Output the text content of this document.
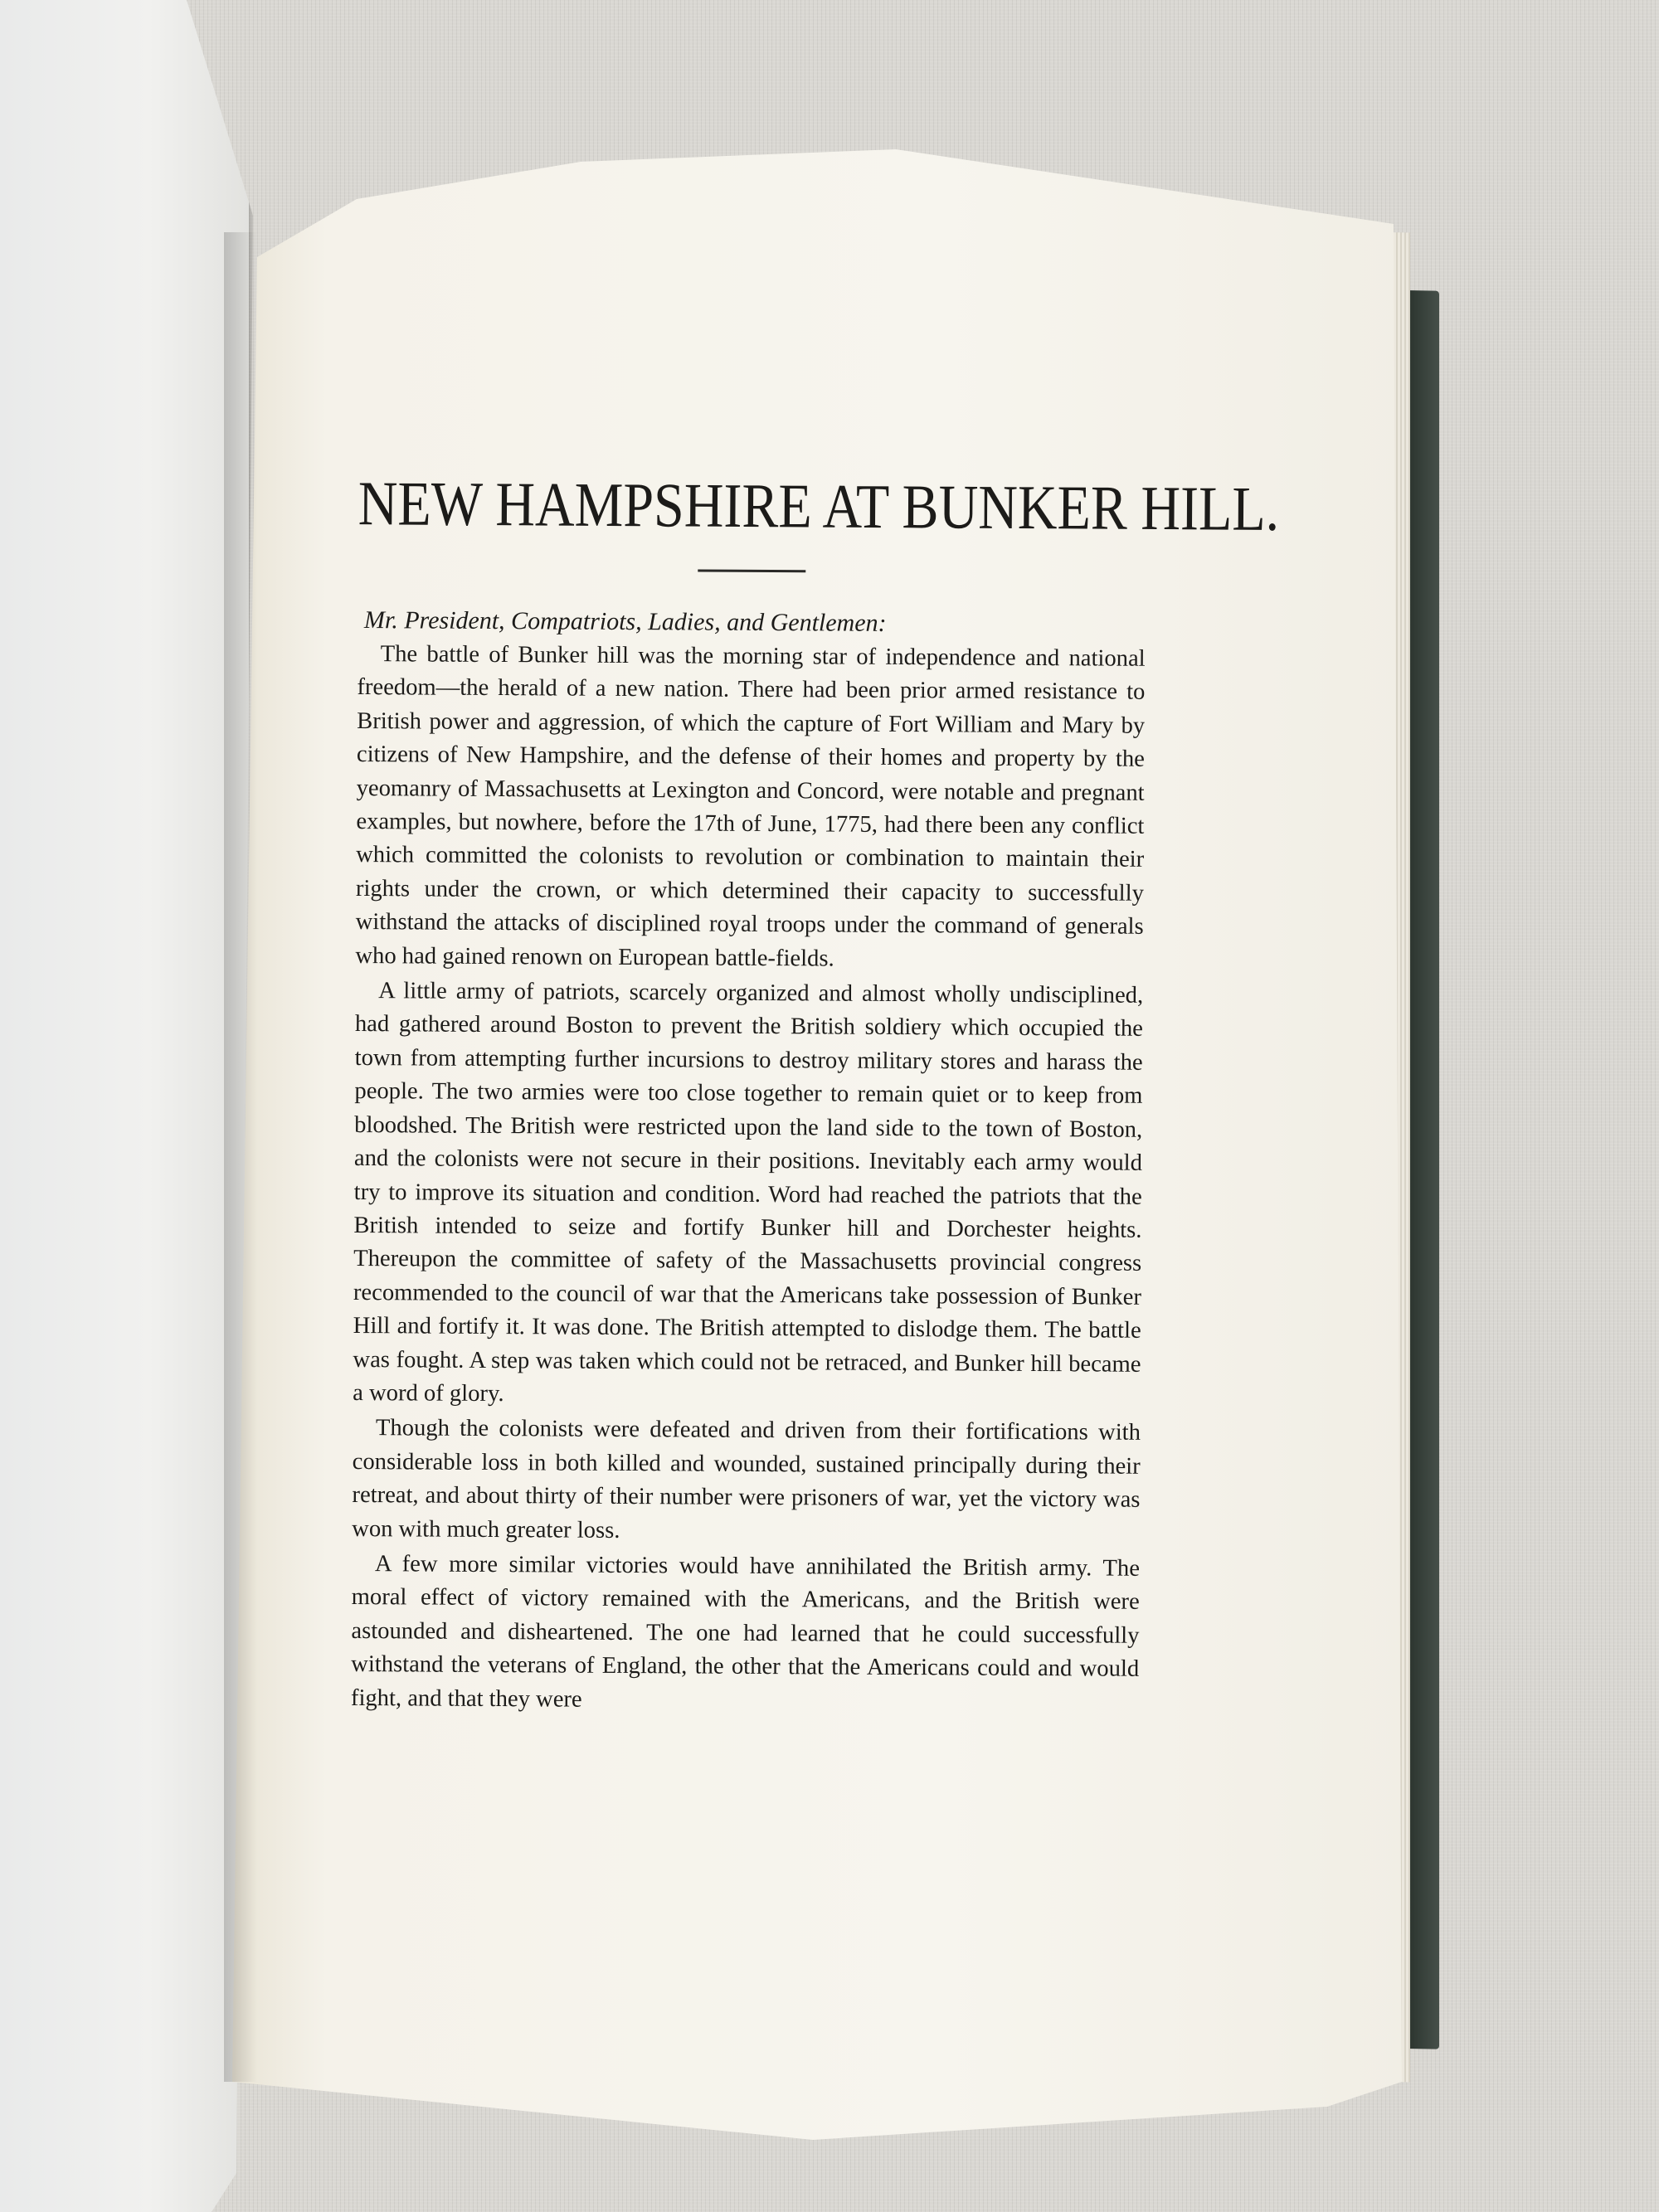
NEW HAMPSHIRE AT BUNKER HILL.

Mr. President, Compatriots, Ladies, and Gentlemen:

The battle of Bunker hill was the morning star of independence and national freedom—the herald of a new nation. There had been prior armed resistance to British power and aggression, of which the capture of Fort William and Mary by citizens of New Hampshire, and the defense of their homes and property by the yeomanry of Massachusetts at Lexington and Concord, were notable and pregnant examples, but nowhere, before the 17th of June, 1775, had there been any conflict which committed the colonists to revolution or combination to maintain their rights under the crown, or which determined their capacity to successfully withstand the attacks of disciplined royal troops under the command of generals who had gained renown on European battle-fields.

A little army of patriots, scarcely organized and almost wholly undisciplined, had gathered around Boston to prevent the British soldiery which occupied the town from attempting further incursions to destroy military stores and harass the people. The two armies were too close together to remain quiet or to keep from bloodshed. The British were restricted upon the land side to the town of Boston, and the colonists were not secure in their positions. Inevitably each army would try to improve its situation and condition. Word had reached the patriots that the British intended to seize and fortify Bunker hill and Dorchester heights. Thereupon the committee of safety of the Massachusetts provincial congress recommended to the council of war that the Americans take possession of Bunker Hill and fortify it. It was done. The British attempted to dislodge them. The battle was fought. A step was taken which could not be retraced, and Bunker hill became a word of glory.

Though the colonists were defeated and driven from their fortifications with considerable loss in both killed and wounded, sustained principally during their retreat, and about thirty of their number were prisoners of war, yet the victory was won with much greater loss.

A few more similar victories would have annihilated the British army. The moral effect of victory remained with the Americans, and the British were astounded and disheartened. The one had learned that he could successfully withstand the veterans of England, the other that the Americans could and would fight, and that they were
